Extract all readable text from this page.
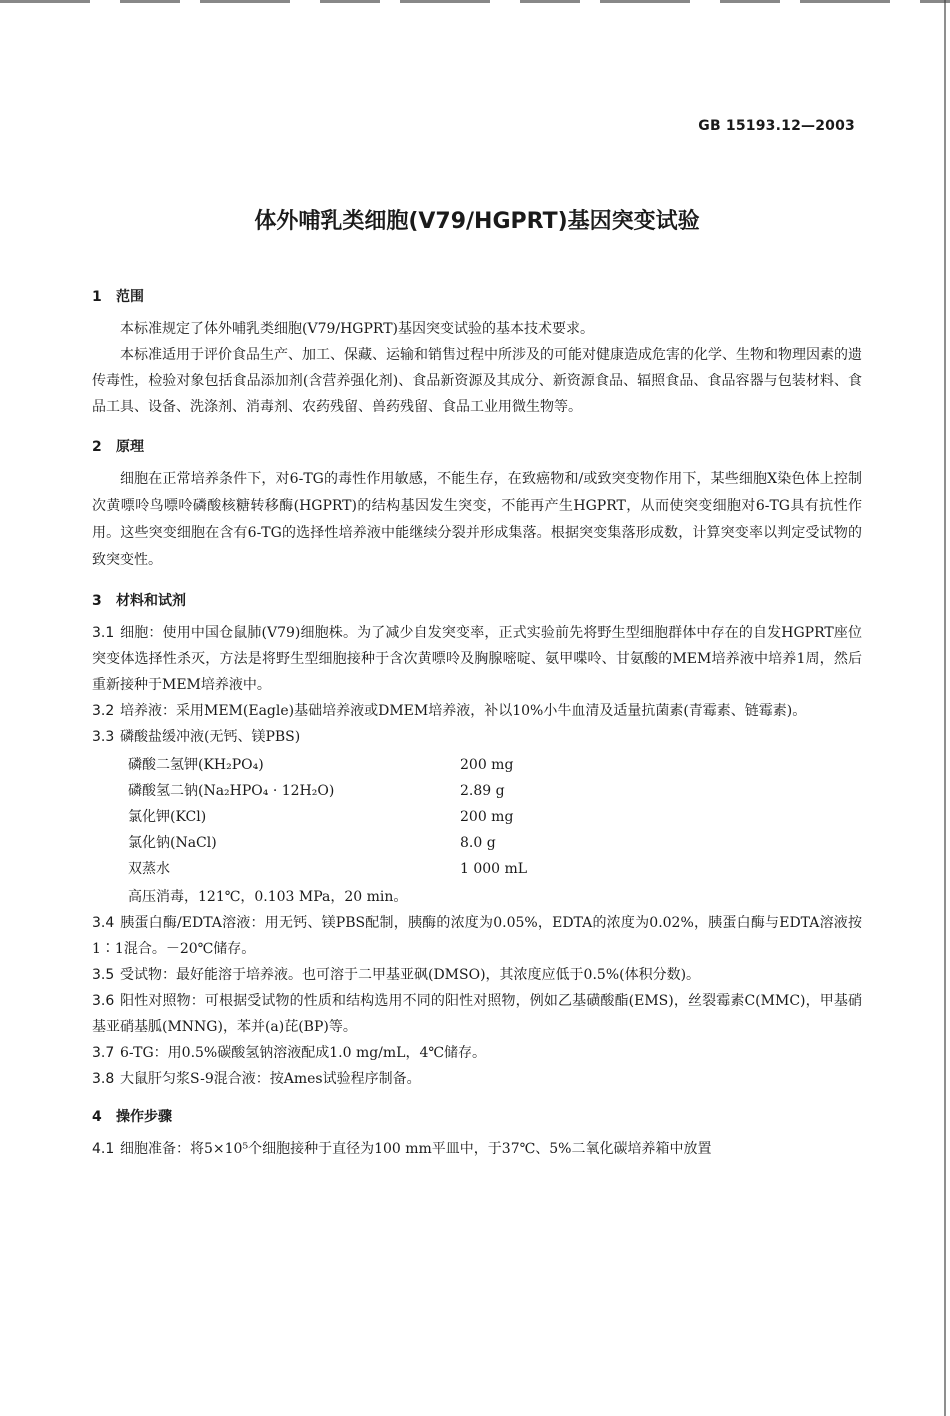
GB 15193.12—2003
体外哺乳类细胞(V79/HGPRT)基因突变试验
1 范围

本标准规定了体外哺乳类细胞(V79/HGPRT)基因突变试验的基本技术要求。

本标准适用于评价食品生产、加工、保藏、运输和销售过程中所涉及的可能对健康造成危害的化学、生物和物理因素的遗传毒性，检验对象包括食品添加剂(含营养强化剂)、食品新资源及其成分、新资源食品、辐照食品、食品容器与包装材料、食品工具、设备、洗涤剂、消毒剂、农药残留、兽药残留、食品工业用微生物等。

2 原理

细胞在正常培养条件下，对6-TG的毒性作用敏感，不能生存，在致癌物和/或致突变物作用下，某些细胞X染色体上控制次黄嘌呤鸟嘌呤磷酸核糖转移酶(HGPRT)的结构基因发生突变，不能再产生HGPRT，从而使突变细胞对6-TG具有抗性作用。这些突变细胞在含有6-TG的选择性培养液中能继续分裂并形成集落。根据突变集落形成数，计算突变率以判定受试物的致突变性。

3 材料和试剂
3.1 细胞：使用中国仓鼠肺(V79)细胞株。为了减少自发突变率，正式实验前先将野生型细胞群体中存在的自发HGPRT座位突变体选择性杀灭，方法是将野生型细胞接种于含次黄嘌呤及胸腺嘧啶、氨甲喋呤、甘氨酸的MEM培养液中培养1周，然后重新接种于MEM培养液中。
3.2 培养液：采用MEM(Eagle)基础培养液或DMEM培养液，补以10%小牛血清及适量抗菌素(青霉素、链霉素)。
3.3 磷酸盐缓冲液(无钙、镁PBS)
磷酸二氢钾(KH₂PO₄)	200 mg
磷酸氢二钠(Na₂HPO₄ · 12H₂O)	2.89 g
氯化钾(KCl)	200 mg
氯化钠(NaCl)	8.0 g
双蒸水	1 000 mL
高压消毒，121℃，0.103 MPa，20 min。
3.4 胰蛋白酶/EDTA溶液：用无钙、镁PBS配制，胰酶的浓度为0.05%，EDTA的浓度为0.02%，胰蛋白酶与EDTA溶液按1∶1混合。－20℃储存。
3.5 受试物：最好能溶于培养液。也可溶于二甲基亚砜(DMSO)，其浓度应低于0.5%(体积分数)。
3.6 阳性对照物：可根据受试物的性质和结构选用不同的阳性对照物，例如乙基磺酸酯(EMS)，丝裂霉素C(MMC)，甲基硝基亚硝基胍(MNNG)，苯并(a)芘(BP)等。
3.7 6-TG：用0.5%碳酸氢钠溶液配成1.0 mg/mL，4℃储存。
3.8 大鼠肝匀浆S-9混合液：按Ames试验程序制备。
4 操作步骤
4.1 细胞准备：将5×10⁵个细胞接种于直径为100 mm平皿中，于37℃、5%二氧化碳培养箱中放置
